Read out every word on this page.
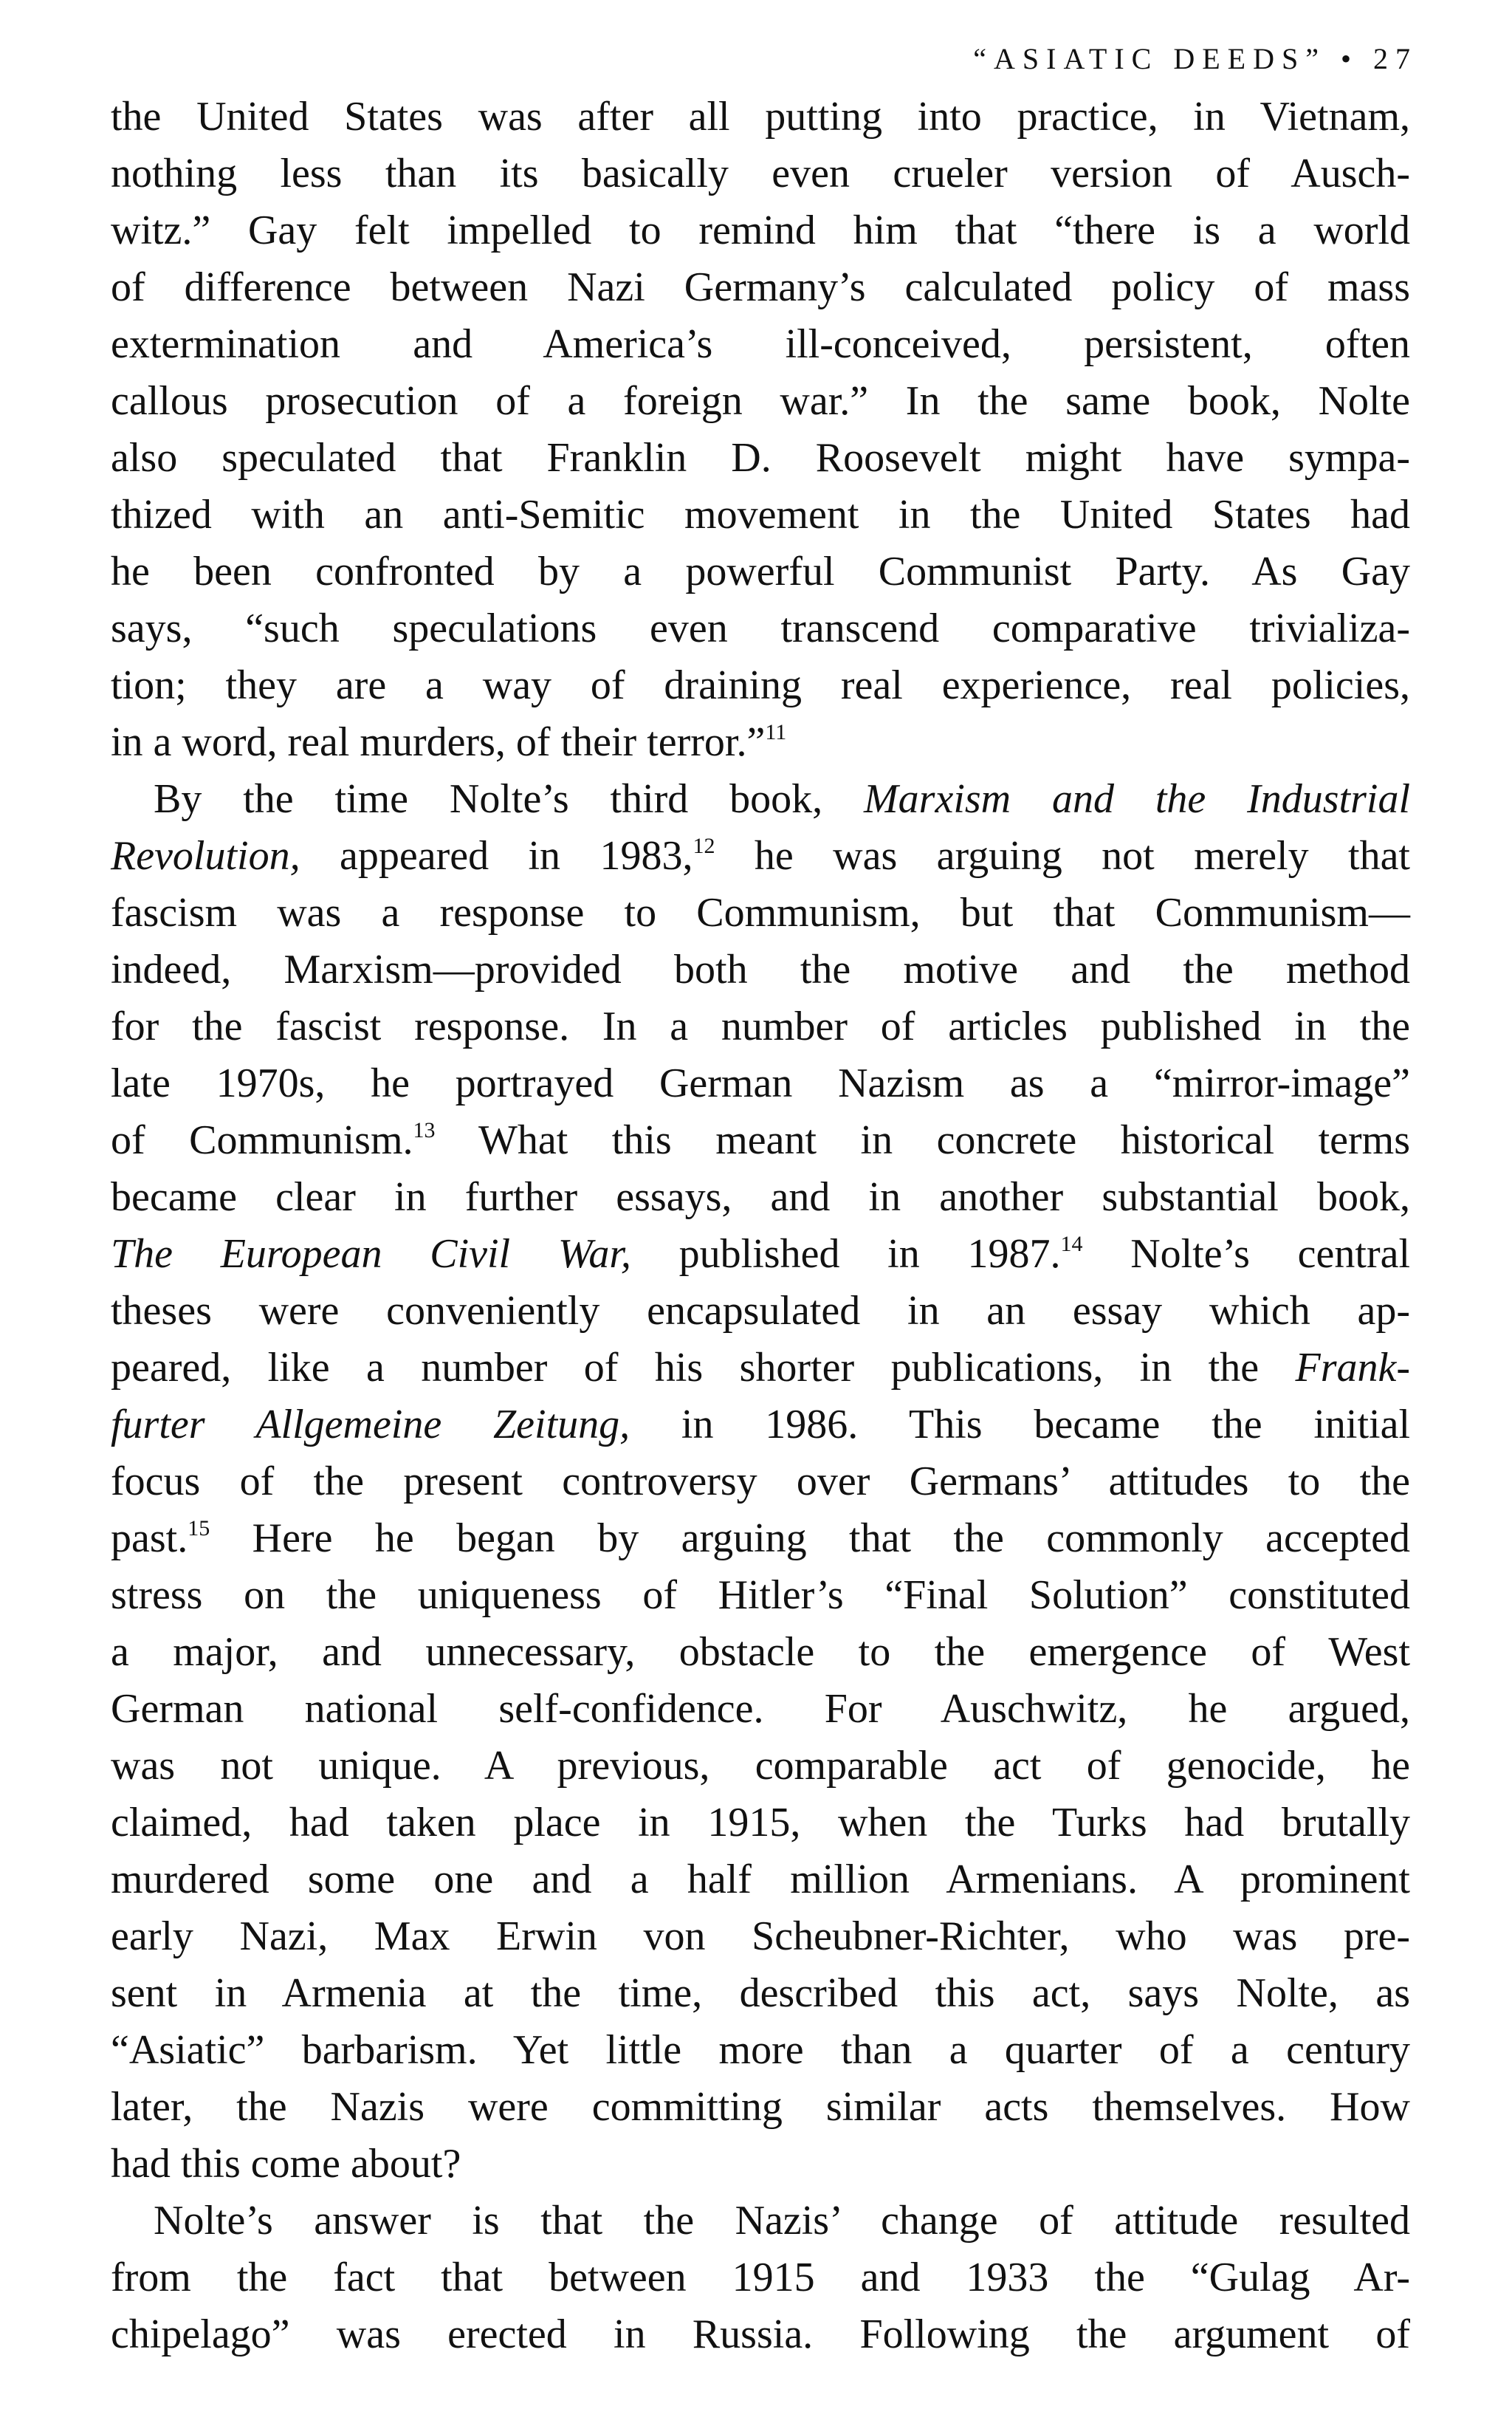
“ASIATIC DEEDS” • 27
the United States was after all putting into practice, in Vietnam,
nothing less than its basically even crueler version of Ausch-
witz.” Gay felt impelled to remind him that “there is a world
of difference between Nazi Germany’s calculated policy of mass
extermination and America’s ill-conceived, persistent, often
callous prosecution of a foreign war.” In the same book, Nolte
also speculated that Franklin D. Roosevelt might have sympa-
thized with an anti-Semitic movement in the United States had
he been confronted by a powerful Communist Party. As Gay
says, “such speculations even transcend comparative trivializa-
tion; they are a way of draining real experience, real policies,
in a word, real murders, of their terror.”$^{11}$
By the time Nolte’s third book, Marxism and the Industrial
Revolution, appeared in 1983,12 he was arguing not merely that
fascism was a response to Communism, but that Communism—
indeed, Marxism—provided both the motive and the method
for the fascist response. In a number of articles published in the
late 1970s, he portrayed German Nazism as a “mirror-image”
of Communism.$^{13}$ What this meant in concrete historical terms
became clear in further essays, and in another substantial book,
The European Civil War, published in 1987.14 Nolte’s central
theses were conveniently encapsulated in an essay which ap-
peared, like a number of his shorter publications, in the Frank-
furter Allgemeine Zeitung, in 1986. This became the initial
focus of the present controversy over Germans’ attitudes to the
past.$^{15}$ Here he began by arguing that the commonly accepted
stress on the uniqueness of Hitler’s “Final Solution” constituted
a major, and unnecessary, obstacle to the emergence of West
German national self-confidence. For Auschwitz, he argued,
was not unique. A previous, comparable act of genocide, he
claimed, had taken place in 1915, when the Turks had brutally
murdered some one and a half million Armenians. A prominent
early Nazi, Max Erwin von Scheubner-Richter, who was pre-
sent in Armenia at the time, described this act, says Nolte, as
“Asiatic” barbarism. Yet little more than a quarter of a century
later, the Nazis were committing similar acts themselves. How
had this come about?
Nolte’s answer is that the Nazis’ change of attitude resulted
from the fact that between 1915 and 1933 the “Gulag Ar-
chipelago” was erected in Russia. Following the argument of
